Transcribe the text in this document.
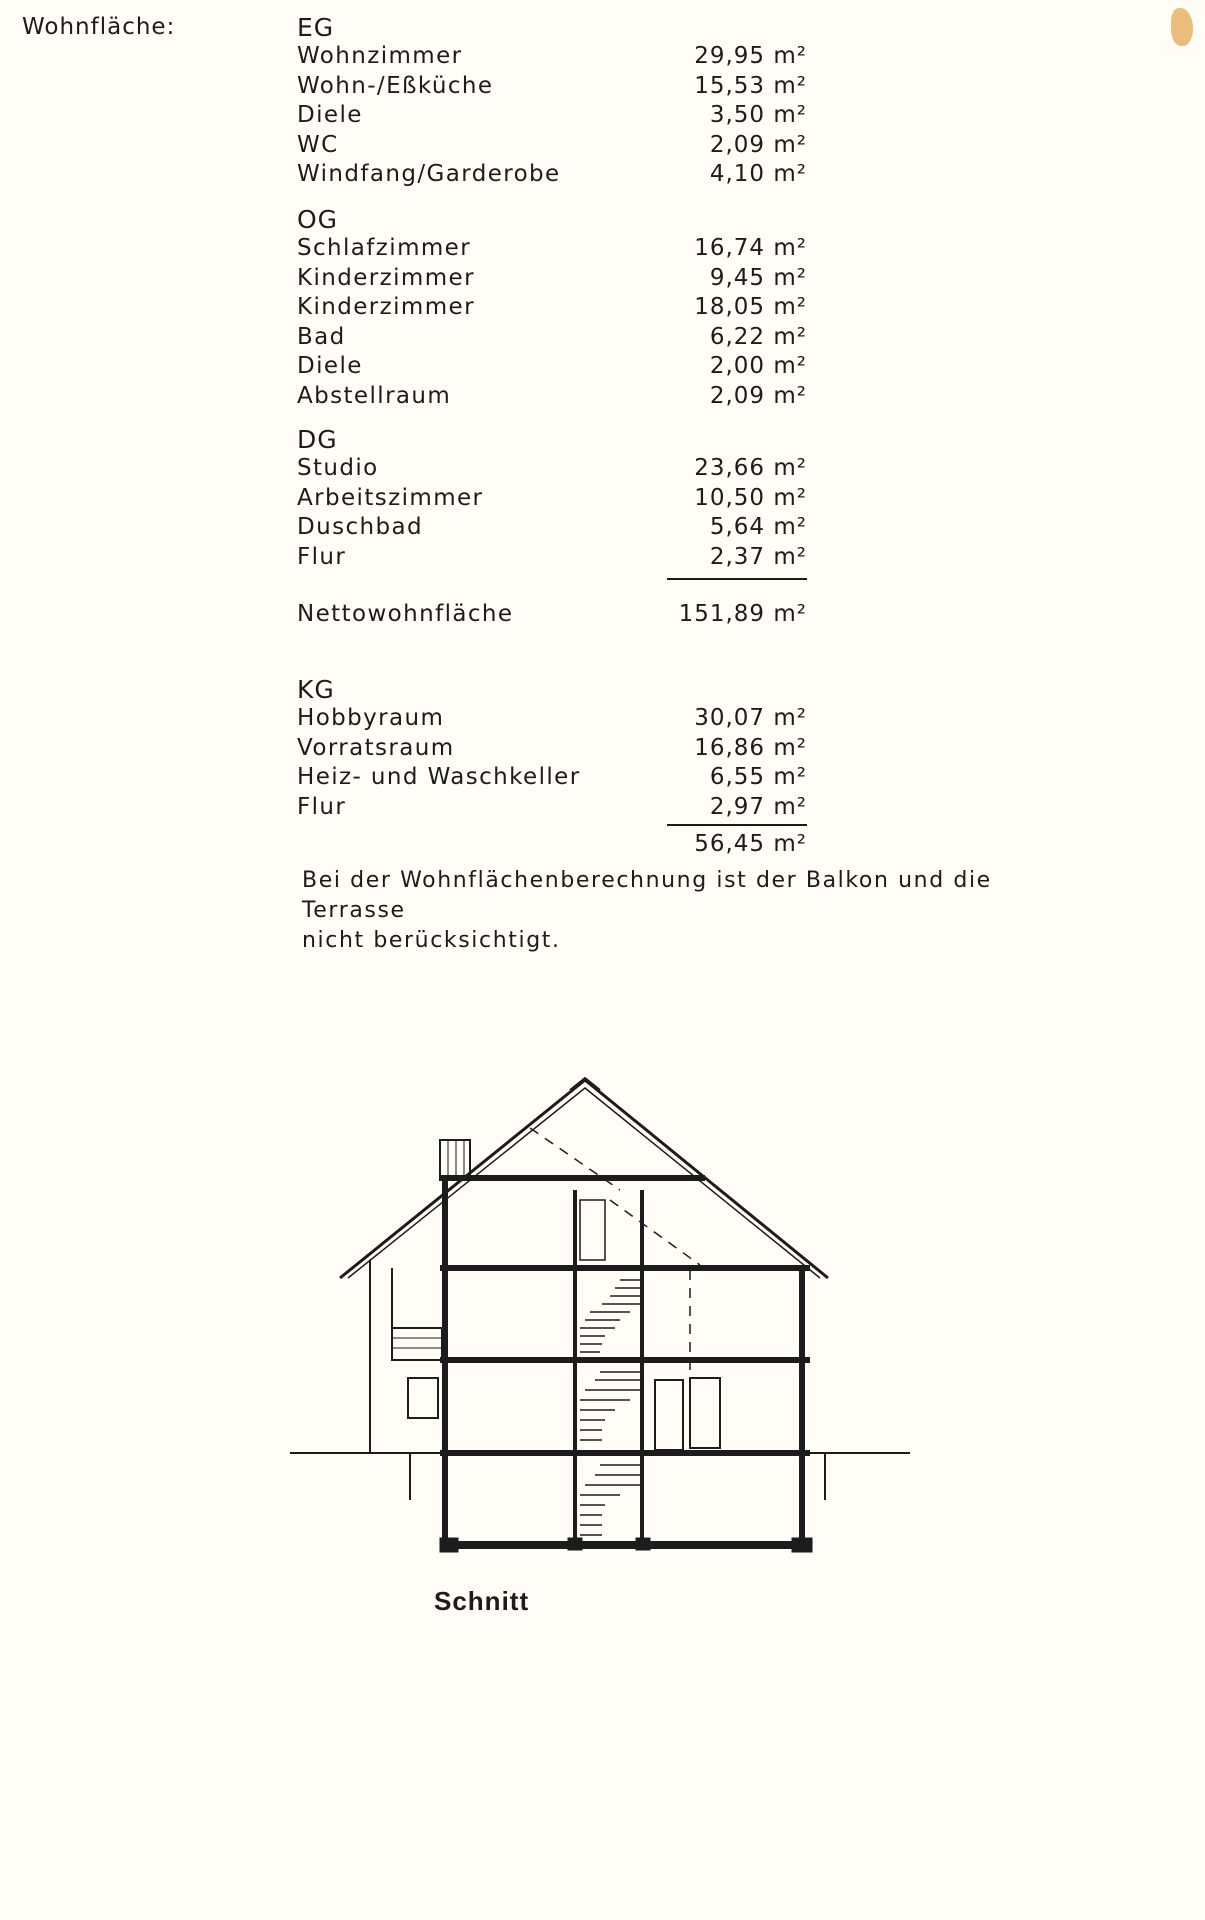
Wohnfläche:	EG
Wohnzimmer	29,95 m²
Wohn-/Eßküche	15,53 m²
Diele	3,50 m²
WC	2,09 m²
Windfang/Garderobe	4,10 m²
OG
Schlafzimmer	16,74 m²
Kinderzimmer	9,45 m²
Kinderzimmer	18,05 m²
Bad	6,22 m²
Diele	2,00 m²
Abstellraum	2,09 m²
DG
Studio	23,66 m²
Arbeitszimmer	10,50 m²
Duschbad	5,64 m²
Flur	2,37 m²
Nettowohnfläche	151,89 m²
KG
Hobbyraum	30,07 m²
Vorratsraum	16,86 m²
Heiz- und Waschkeller	6,55 m²
Flur	2,97 m²
56,45 m²
Bei der Wohnflächenberechnung ist der Balkon und die Terrasse
nicht berücksichtigt.
Schnitt
